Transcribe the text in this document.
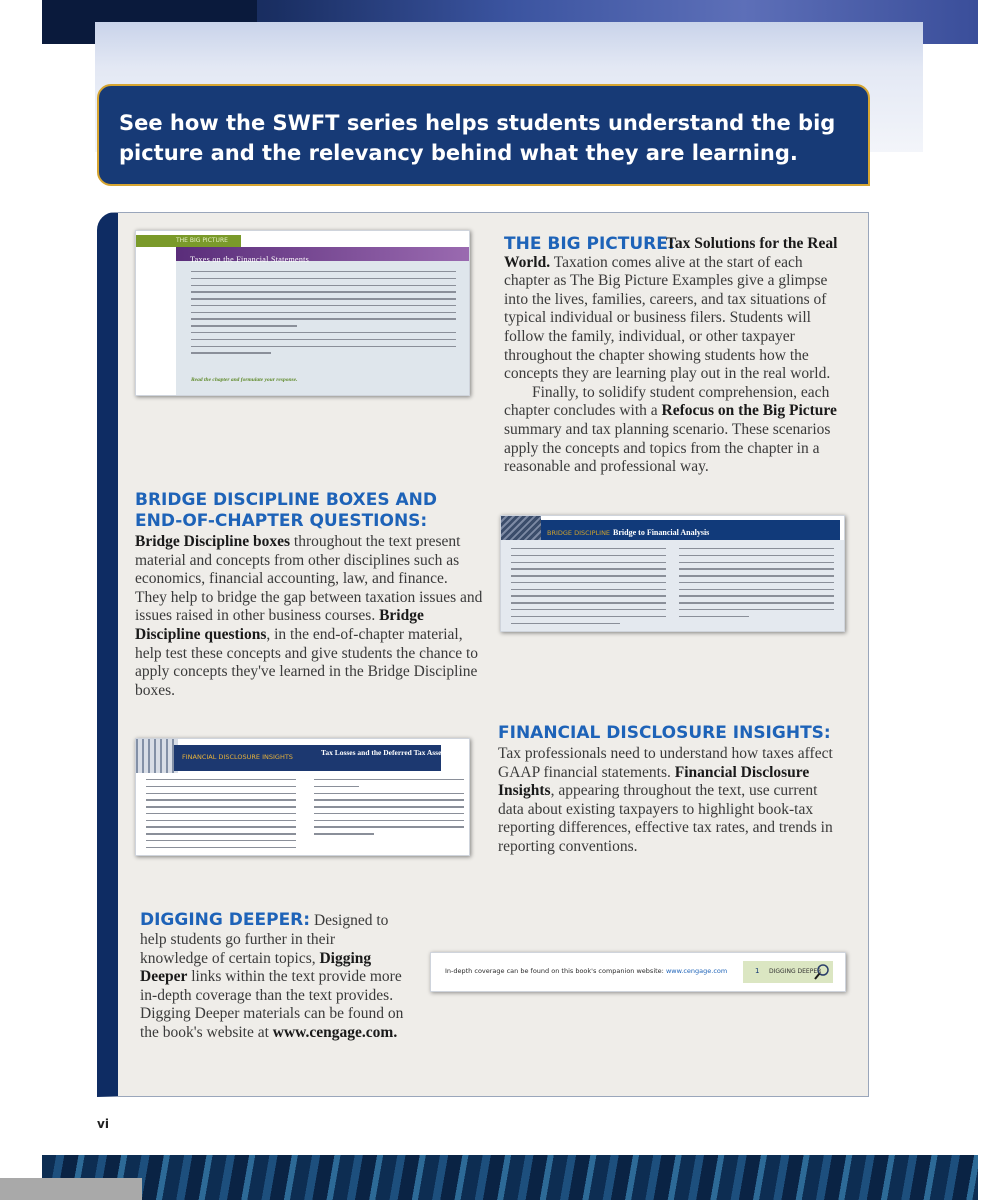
See how the SWFT series helps students understand the big picture and the relevancy behind what they are learning.

THE BIG PICTURE
Taxes on the Financial Statements
Read the chapter and formulate your response.
THE BIG PICTURE:
Tax Solutions for the Real World. Taxation comes alive at the start of each chapter as The Big Picture Examples give a glimpse into the lives, families, careers, and tax situations of typical individual or business filers. Students will follow the family, individual, or other taxpayer throughout the chapter showing students how the concepts they are learning play out in the real world.
Finally, to solidify student comprehension, each chapter concludes with a Refocus on the Big Picture summary and tax planning scenario. These scenarios apply the concepts and topics from the chapter in a reasonable and professional way.
BRIDGE DISCIPLINE BOXES AND
END-OF-CHAPTER QUESTIONS:
Bridge Discipline boxes throughout the text present material and concepts from other disciplines such as economics, financial accounting, law, and finance. They help to bridge the gap between taxation issues and issues raised in other business courses. Bridge Discipline questions, in the end-of-chapter material, help test these concepts and give students the chance to apply concepts they've learned in the Bridge Discipline boxes.
BRIDGE DISCIPLINE Bridge to Financial Analysis
FINANCIAL DISCLOSURE INSIGHTS:
Tax professionals need to understand how taxes affect GAAP financial statements. Financial Disclosure Insights, appearing throughout the text, use current data about existing taxpayers to highlight book-tax reporting differences, effective tax rates, and trends in reporting conventions.
FINANCIAL DISCLOSURE INSIGHTS	Tax Losses and the Deferred Tax Asset
DIGGING DEEPER: Designed to help students go further in their knowledge of certain topics, Digging Deeper links within the text provide more in-depth coverage than the text provides. Digging Deeper materials can be found on the book's website at www.cengage.com.
In-depth coverage can be found on this book's companion website: www.cengage.com	1 DIGGING DEEPER
vi
